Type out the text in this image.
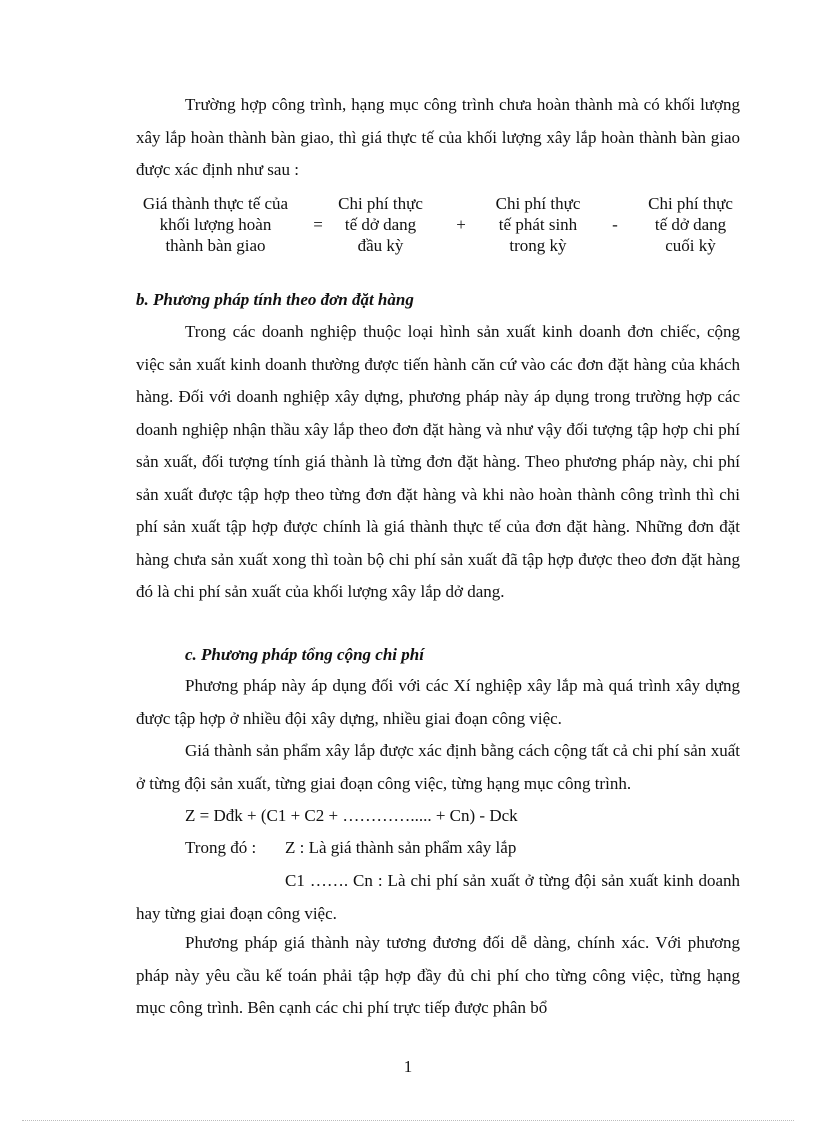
Trường hợp công trình, hạng mục công trình chưa hoàn thành mà có khối lượng xây lắp hoàn thành bàn giao, thì giá thực tế của khối lượng xây lắp hoàn thành bàn giao được xác định như sau :

Giá thành thực tế của
khối lượng hoàn
thành bàn giao
=
Chi phí thực
tế dở dang
đầu kỳ
+
Chi phí thực
tế phát sinh
trong kỳ
-
Chi phí thực
tế dở dang
cuối kỳ
b. Phương pháp tính theo đơn đặt hàng

Trong các doanh nghiệp thuộc loại hình sản xuất kinh doanh đơn chiếc, cộng việc sản xuất kinh doanh thường được tiến hành căn cứ vào các đơn đặt hàng của khách hàng. Đối với doanh nghiệp xây dựng, phương pháp này áp dụng trong trường hợp các doanh nghiệp nhận thầu xây lắp theo đơn đặt hàng và như vậy đối tượng tập hợp chi phí sản xuất, đối tượng tính giá thành là từng đơn đặt hàng. Theo phương pháp này, chi phí sản xuất được tập hợp theo từng đơn đặt hàng và khi nào hoàn thành công trình thì chi phí sản xuất tập hợp được chính là giá thành thực tế của đơn đặt hàng. Những đơn đặt hàng chưa sản xuất xong thì toàn bộ chi phí sản xuất đã tập hợp được theo đơn đặt hàng đó là chi phí sản xuất của khối lượng xây lắp dở dang.

c. Phương pháp tổng cộng chi phí

Phương pháp này áp dụng đối với các Xí nghiệp xây lắp mà quá trình xây dựng được tập hợp ở nhiều đội xây dựng, nhiều giai đoạn công việc.

Giá thành sản phẩm xây lắp được xác định bằng cách cộng tất cả chi phí sản xuất ở từng đội sản xuất, từng giai đoạn công việc, từng hạng mục công trình.

Z = Dđk + (C1 + C2 + …………..... + Cn) - Dck
Trong đó : Z : Là giá thành sản phẩm xây lắp

C1 ……. Cn : Là chi phí sản xuất ở từng đội sản xuất kinh doanh hay từng giai đoạn công việc.

Phương pháp giá thành này tương đương đối dễ dàng, chính xác. Với phương pháp này yêu cầu kế toán phải tập hợp đầy đủ chi phí cho từng công việc, từng hạng mục công trình. Bên cạnh các chi phí trực tiếp được phân bổ

1
